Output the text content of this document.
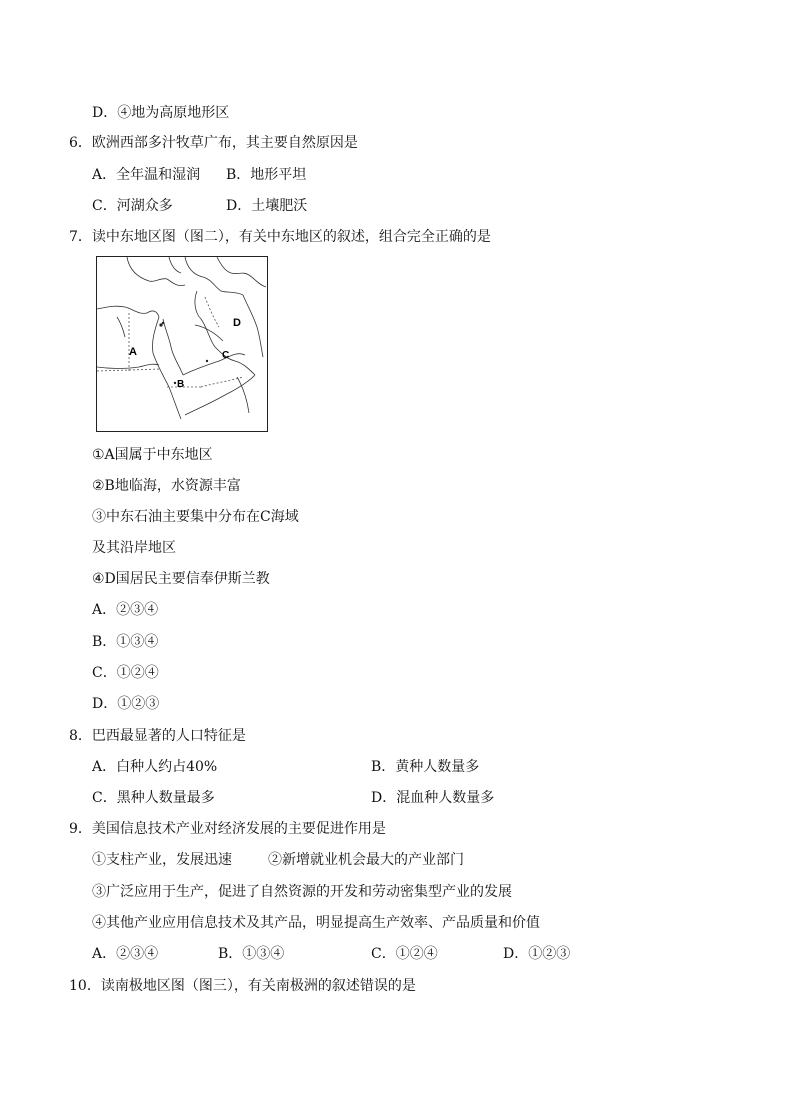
D．④地为高原地形区
6．欧洲西部多汁牧草广布，其主要自然原因是
A．全年温和湿润 B．地形平坦
C．河湖众多	D．土壤肥沃
7．读中东地区图（图二），有关中东地区的叙述，组合完全正确的是
D
A	C
B
①A国属于中东地区
②B地临海，水资源丰富
③中东石油主要集中分布在C海域
及其沿岸地区
④D国居民主要信奉伊斯兰教
A．②③④
B．①③④
C．①②④
D．①②③
8．巴西最显著的人口特征是
A．白种人约占40%	B．黄种人数量多
C．黑种人数量最多	D．混血种人数量多
9．美国信息技术产业对经济发展的主要促进作用是
①支柱产业，发展迅速	②新增就业机会最大的产业部门
③广泛应用于生产，促进了自然资源的开发和劳动密集型产业的发展
④其他产业应用信息技术及其产品，明显提高生产效率、产品质量和价值
A．②③④	B．①③④	C．①②④	D．①②③
10．读南极地区图（图三），有关南极洲的叙述错误的是
